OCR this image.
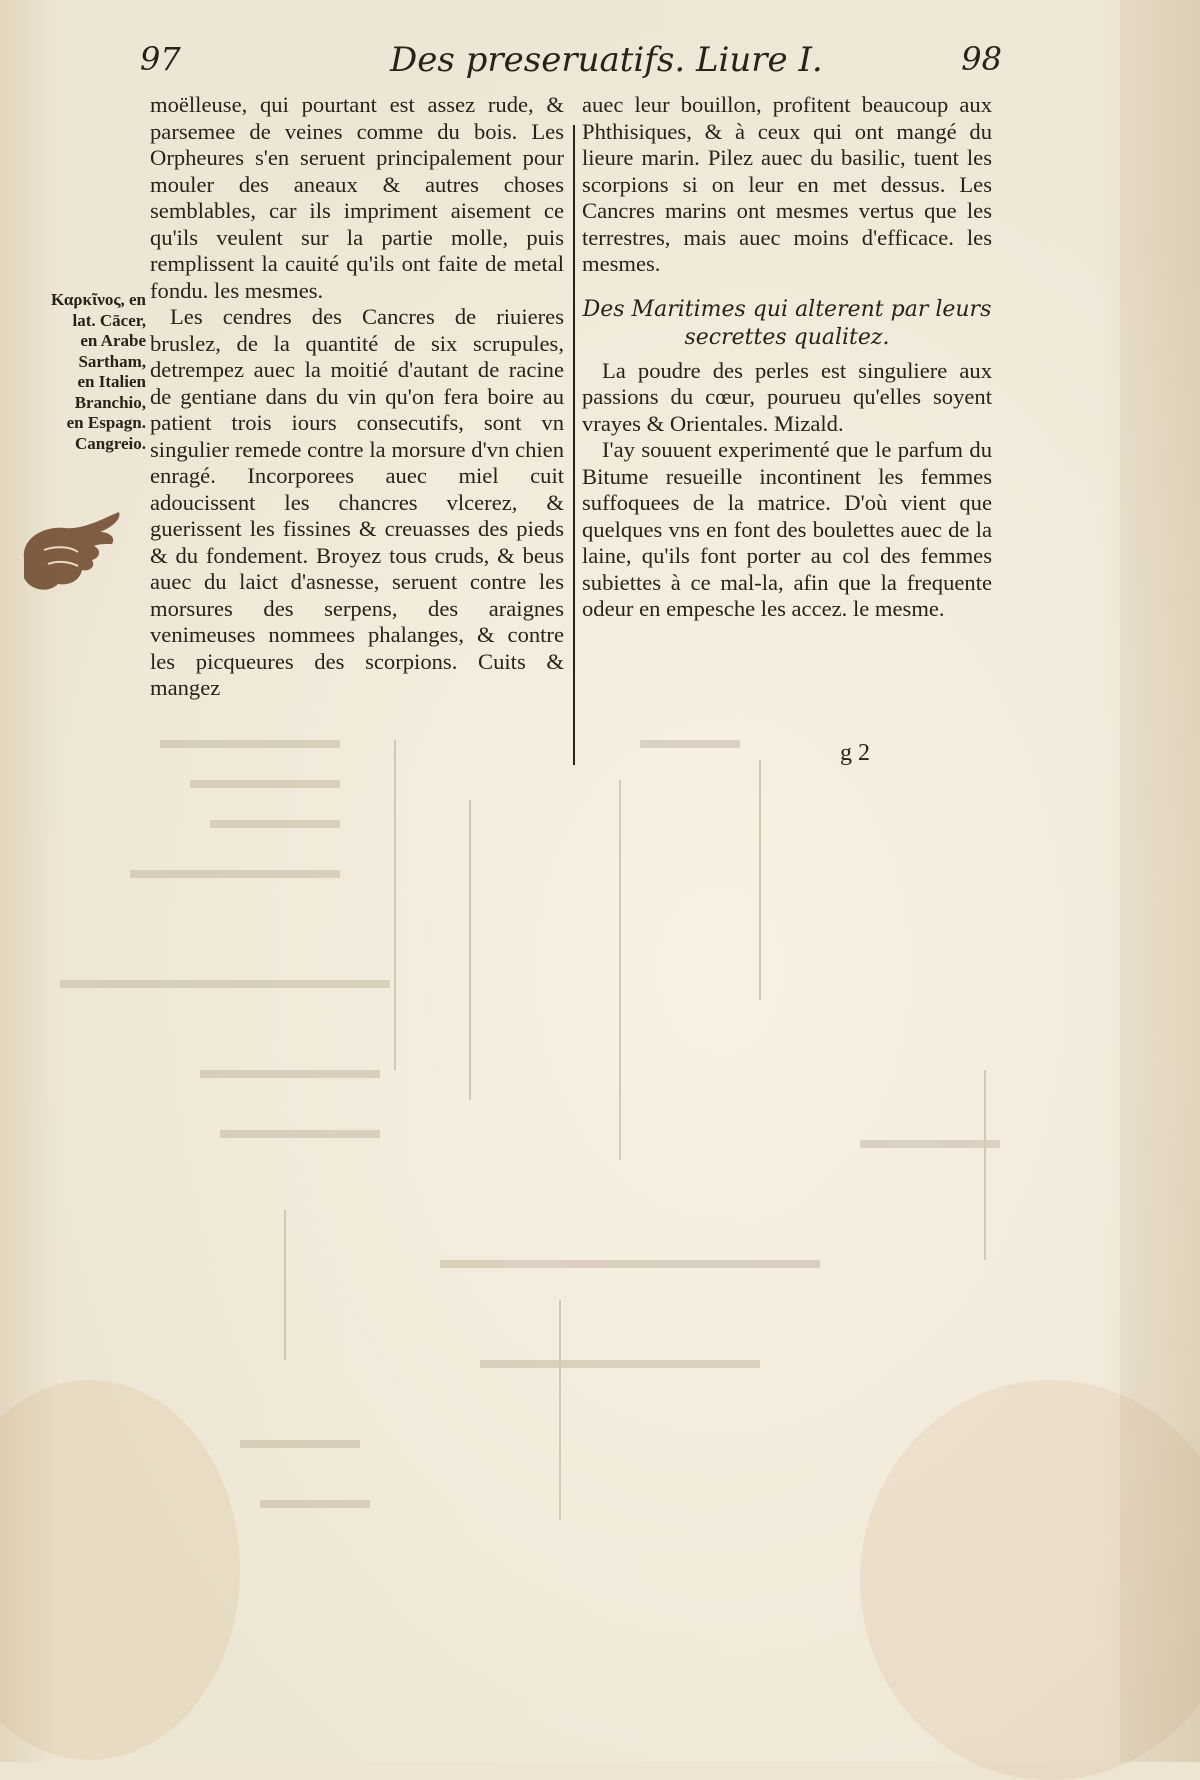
97	Des preseruatifs. Liure I.	98
Καρκῖνος, en
lat. Cācer,
en Arabe
Sartham,
en Italien
Branchio,
en Espagn.
Cangreio.

moëlleuse, qui pourtant est assez rude, & parsemee de veines comme du bois. Les Orpheures s'en seruent principalement pour mouler des aneaux & autres choses semblables, car ils impriment aisement ce qu'ils veulent sur la partie molle, puis remplissent la cauité qu'ils ont faite de metal fondu. les mesmes.

Les cendres des Cancres de riuieres bruslez, de la quantité de six scrupules, detrempez auec la moitié d'autant de racine de gentiane dans du vin qu'on fera boire au patient trois iours consecutifs, sont vn singulier remede contre la morsure d'vn chien enragé. Incorporees auec miel cuit adoucissent les chancres vlcerez, & guerissent les fissines & creuasses des pieds & du fondement. Broyez tous cruds, & beus auec du laict d'asnesse, seruent contre les morsures des serpens, des araignes venimeuses nommees phalanges, & contre les picqueures des scorpions. Cuits & mangez

auec leur bouillon, profitent beaucoup aux Phthisiques, & à ceux qui ont mangé du lieure marin. Pilez auec du basilic, tuent les scorpions si on leur en met dessus. Les Cancres marins ont mesmes vertus que les terrestres, mais auec moins d'efficace. les mesmes.

Des Maritimes qui alterent par leurs secrettes qualitez.

La poudre des perles est singuliere aux passions du cœur, pourueu qu'elles soyent vrayes & Orientales. Mizald.

I'ay souuent experimenté que le parfum du Bitume resueille incontinent les femmes suffoquees de la matrice. D'où vient que quelques vns en font des boulettes auec de la laine, qu'ils font porter au col des femmes subiettes à ce mal-la, afin que la frequente odeur en empesche les accez. le mesme.

g 2
